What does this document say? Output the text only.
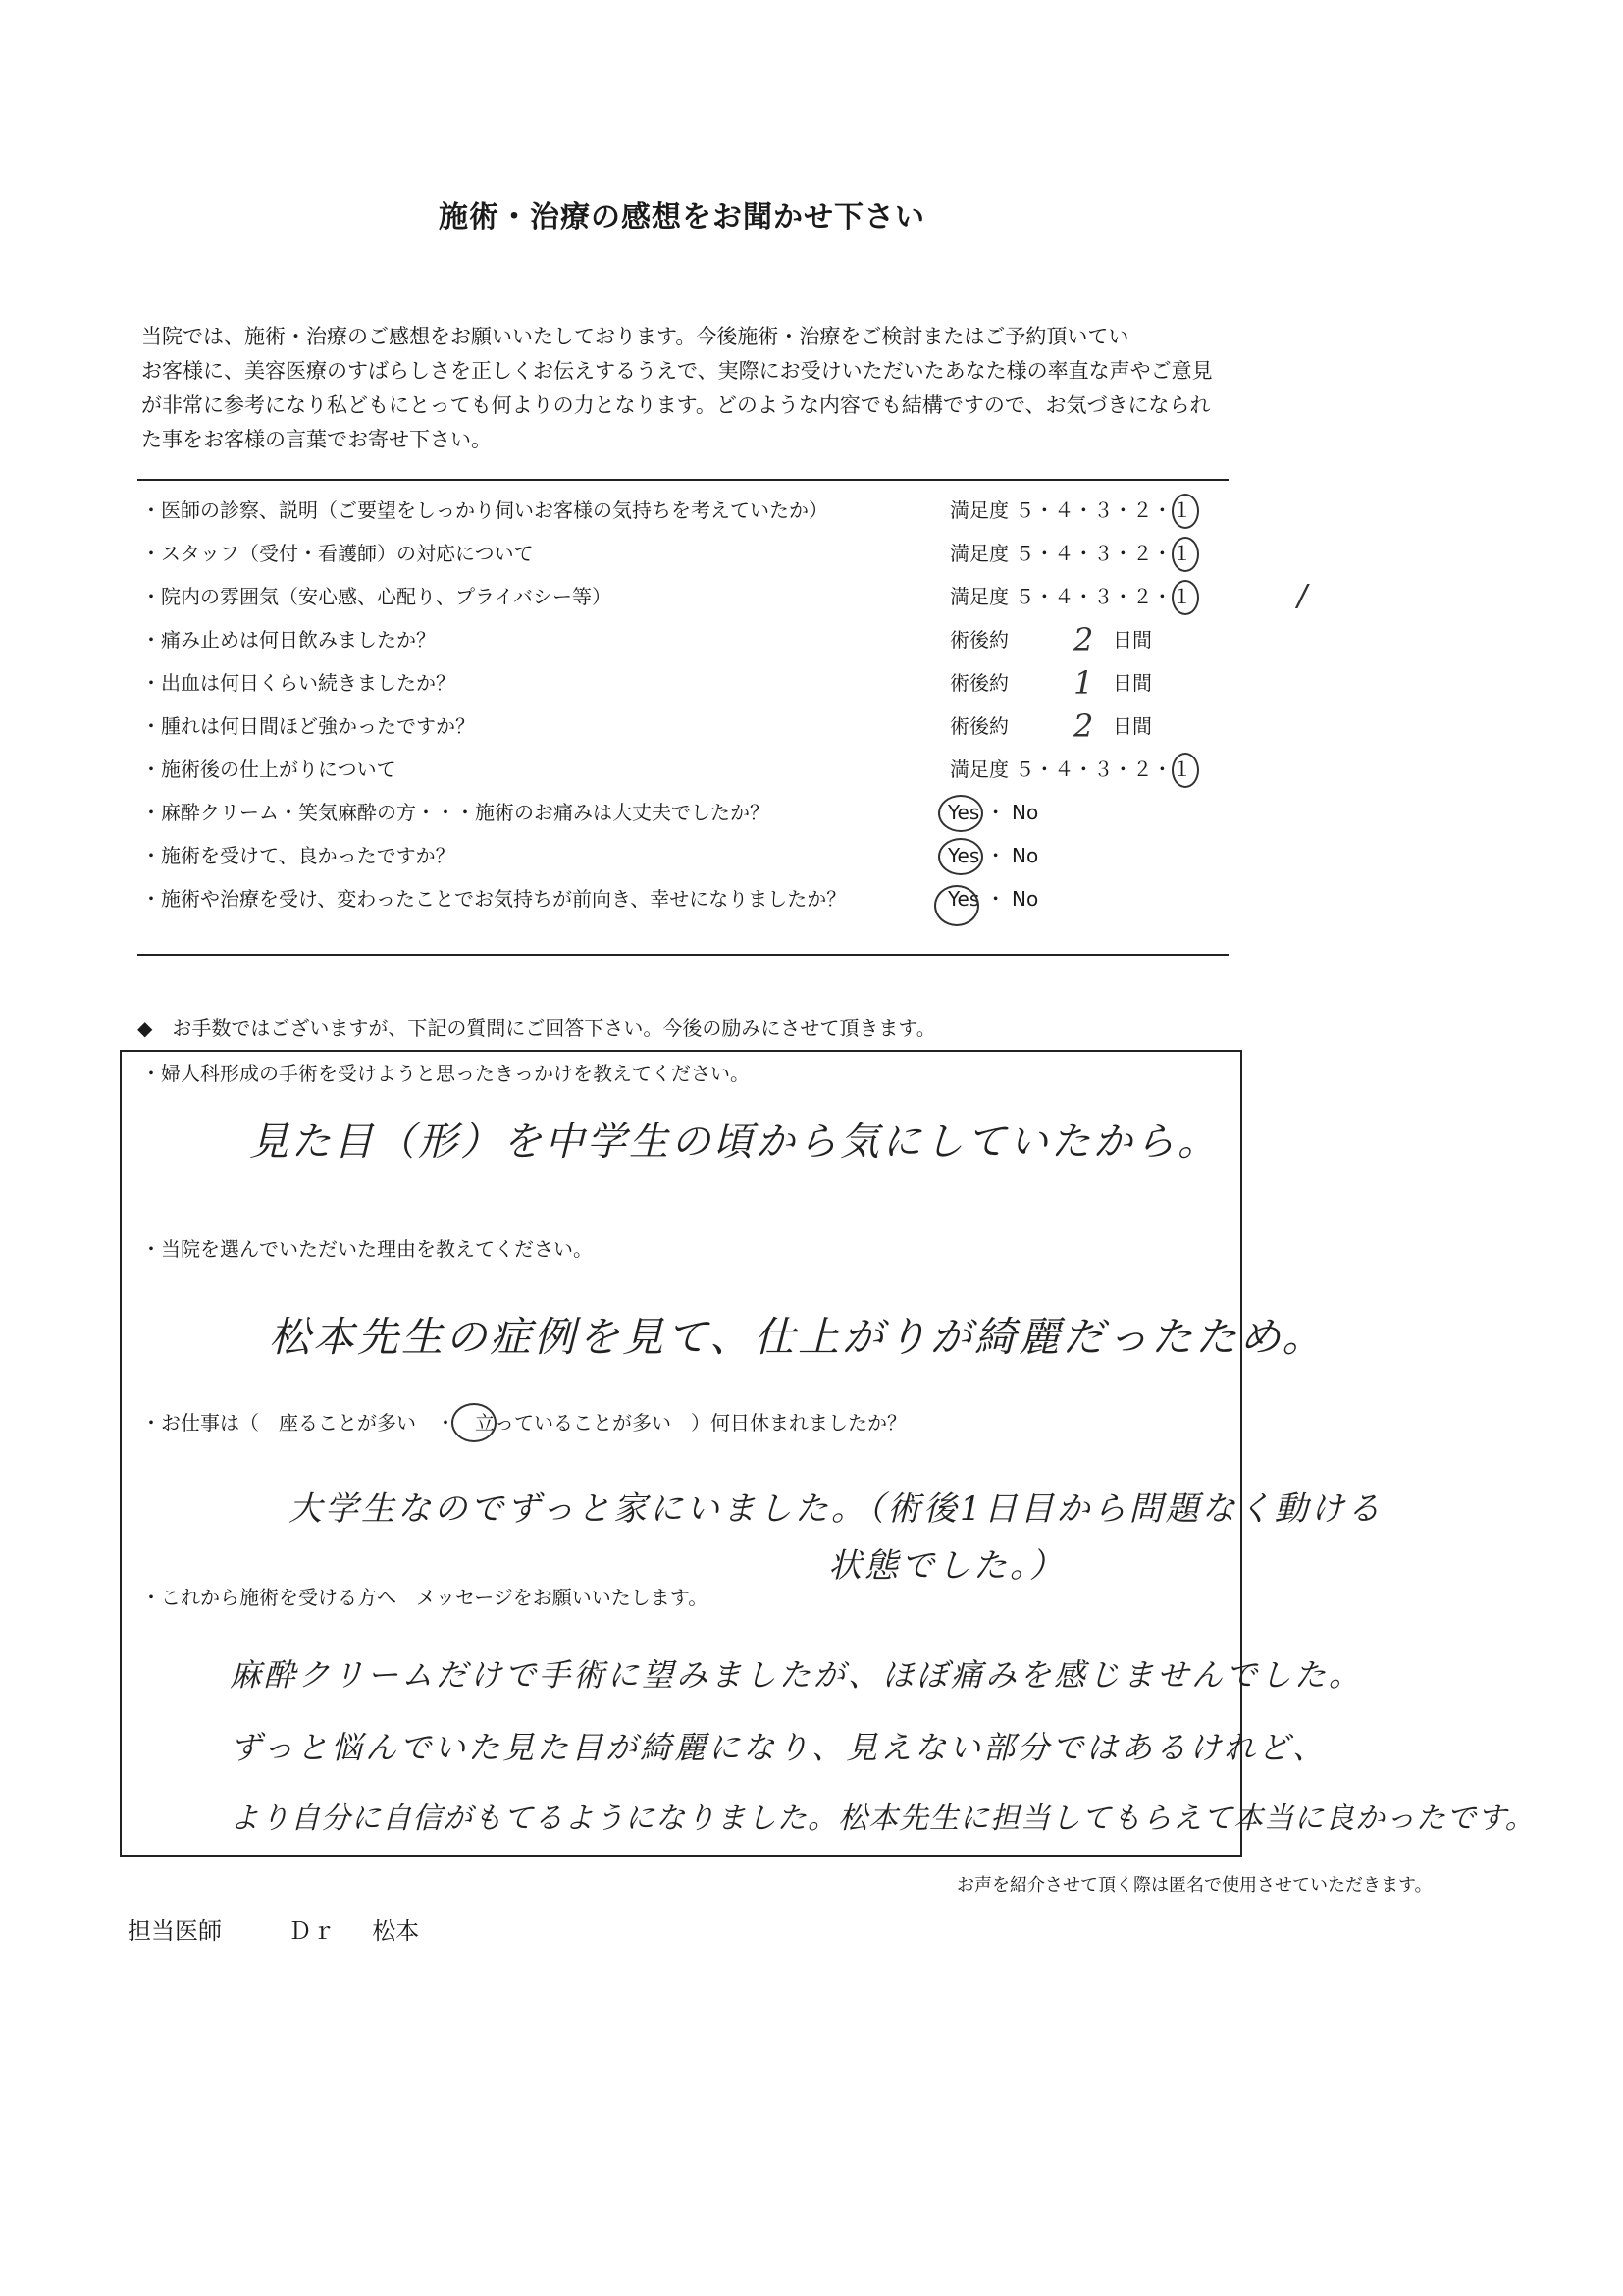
施術・治療の感想をお聞かせ下さい
当院では、施術・治療のご感想をお願いいたしております。今後施術・治療をご検討またはご予約頂いてい
お客様に、美容医療のすばらしさを正しくお伝えするうえで、実際にお受けいただいたあなた様の率直な声やご意見
が非常に参考になり私どもにとっても何よりの力となります。どのような内容でも結構ですので、お気づきになられ
た事をお客様の言葉でお寄せ下さい。
・医師の診察、説明（ご要望をしっかり伺いお客様の気持ちを考えていたか）	満足度 ５・４・３・２・１
・スタッフ（受付・看護師）の対応について	満足度 ５・４・３・２・１
・院内の雰囲気（安心感、心配り、プライバシー等）	満足度 ５・４・３・２・１	/
・痛み止めは何日飲みましたか？	術後約 2 日間
・出血は何日くらい続きましたか？	術後約 1 日間
・腫れは何日間ほど強かったですか？	術後約 2 日間
・施術後の仕上がりについて	満足度 ５・４・３・２・１
・麻酔クリーム・笑気麻酔の方・・・施術のお痛みは大丈夫でしたか？	Yes ・ No
・施術を受けて、良かったですか？	Yes ・ No
・施術や治療を受け、変わったことでお気持ちが前向き、幸せになりましたか？	Yes ・ No
◆　お手数ではございますが、下記の質問にご回答下さい。今後の励みにさせて頂きます。
・婦人科形成の手術を受けようと思ったきっかけを教えてください。
見た目（形）を中学生の頃から気にしていたから。
・当院を選んでいただいた理由を教えてください。
松本先生の症例を見て、仕上がりが綺麗だったため。
・お仕事は（　座ることが多い　・　立っていることが多い　）何日休まれましたか？
大学生なのでずっと家にいました。（術後1日目から問題なく動ける
状態でした。）
・これから施術を受ける方へ　メッセージをお願いいたします。
麻酔クリームだけで手術に望みましたが、ほぼ痛みを感じませんでした。
ずっと悩んでいた見た目が綺麗になり、見えない部分ではあるけれど、
より自分に自信がもてるようになりました。松本先生に担当してもらえて本当に良かったです。
お声を紹介させて頂く際は匿名で使用させていただきます。
担当医師	Ｄｒ 松本
